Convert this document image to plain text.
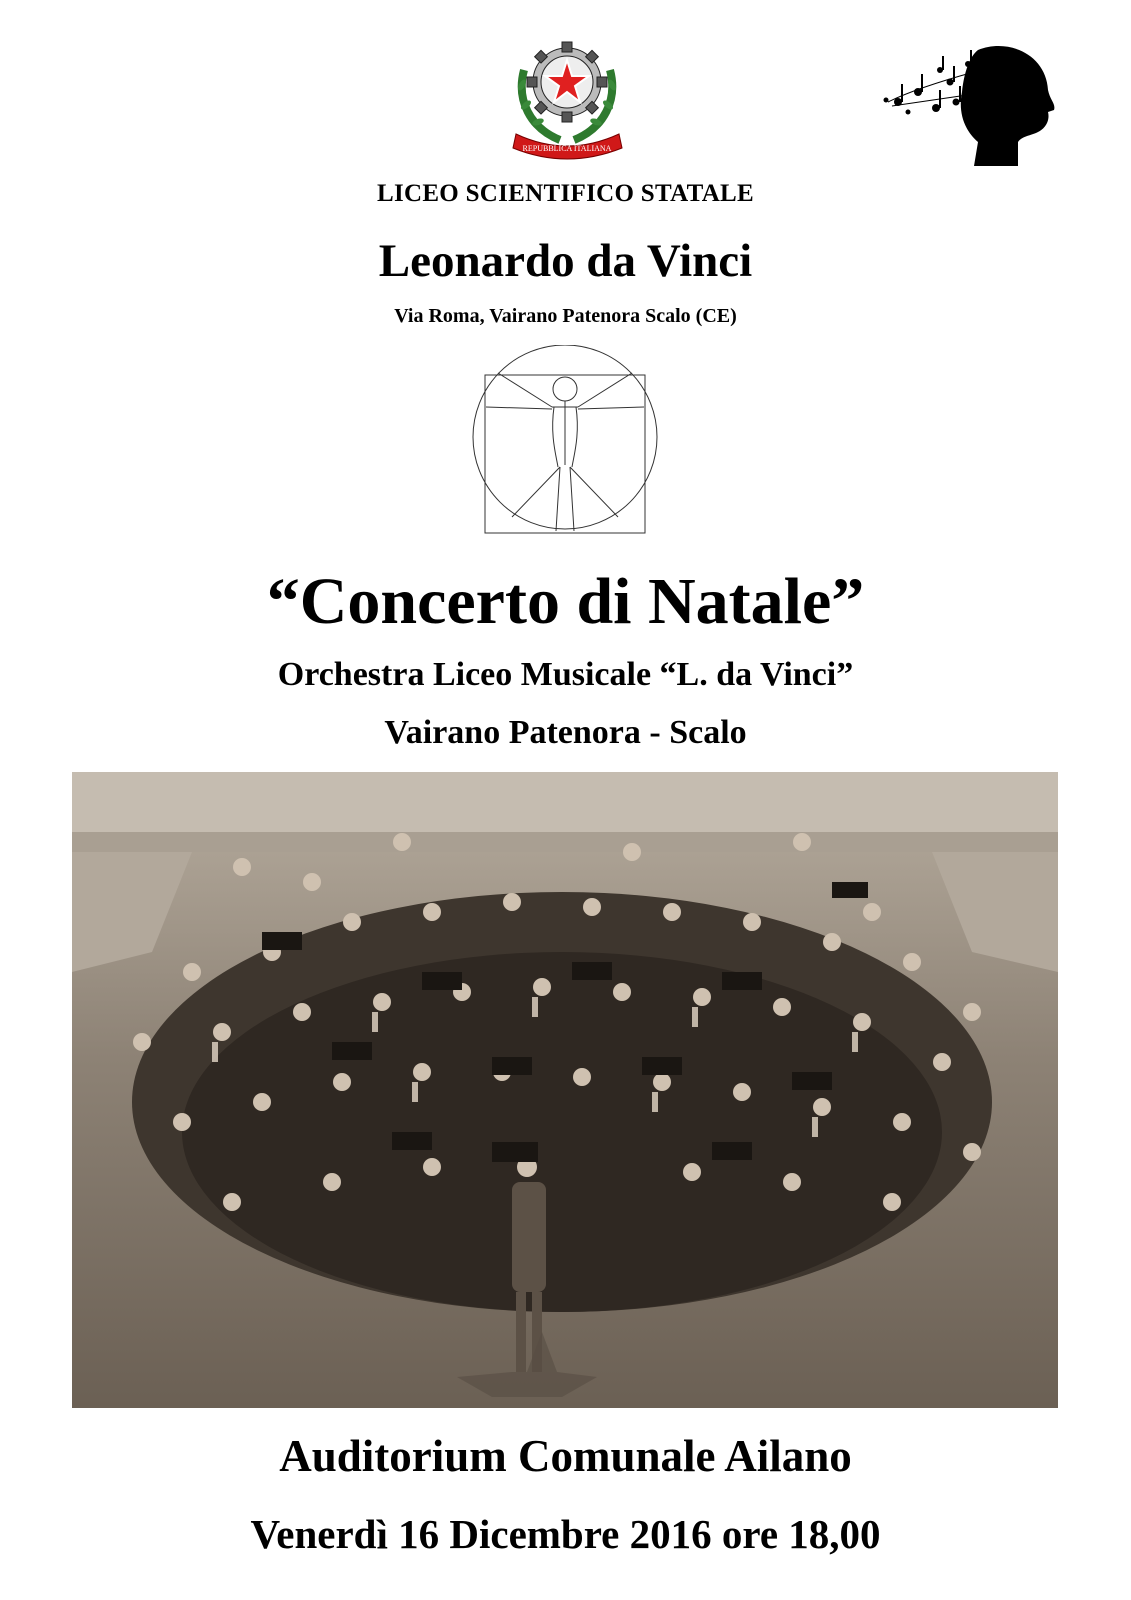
REPUBBLICA ITALIANA
LICEO SCIENTIFICO STATALE
Leonardo da Vinci
Via Roma, Vairano Patenora Scalo (CE)
“Concerto di Natale”
Orchestra Liceo Musicale “L. da Vinci”
Vairano Patenora - Scalo
Auditorium Comunale Ailano
Venerdì 16 Dicembre 2016 ore 18,00
